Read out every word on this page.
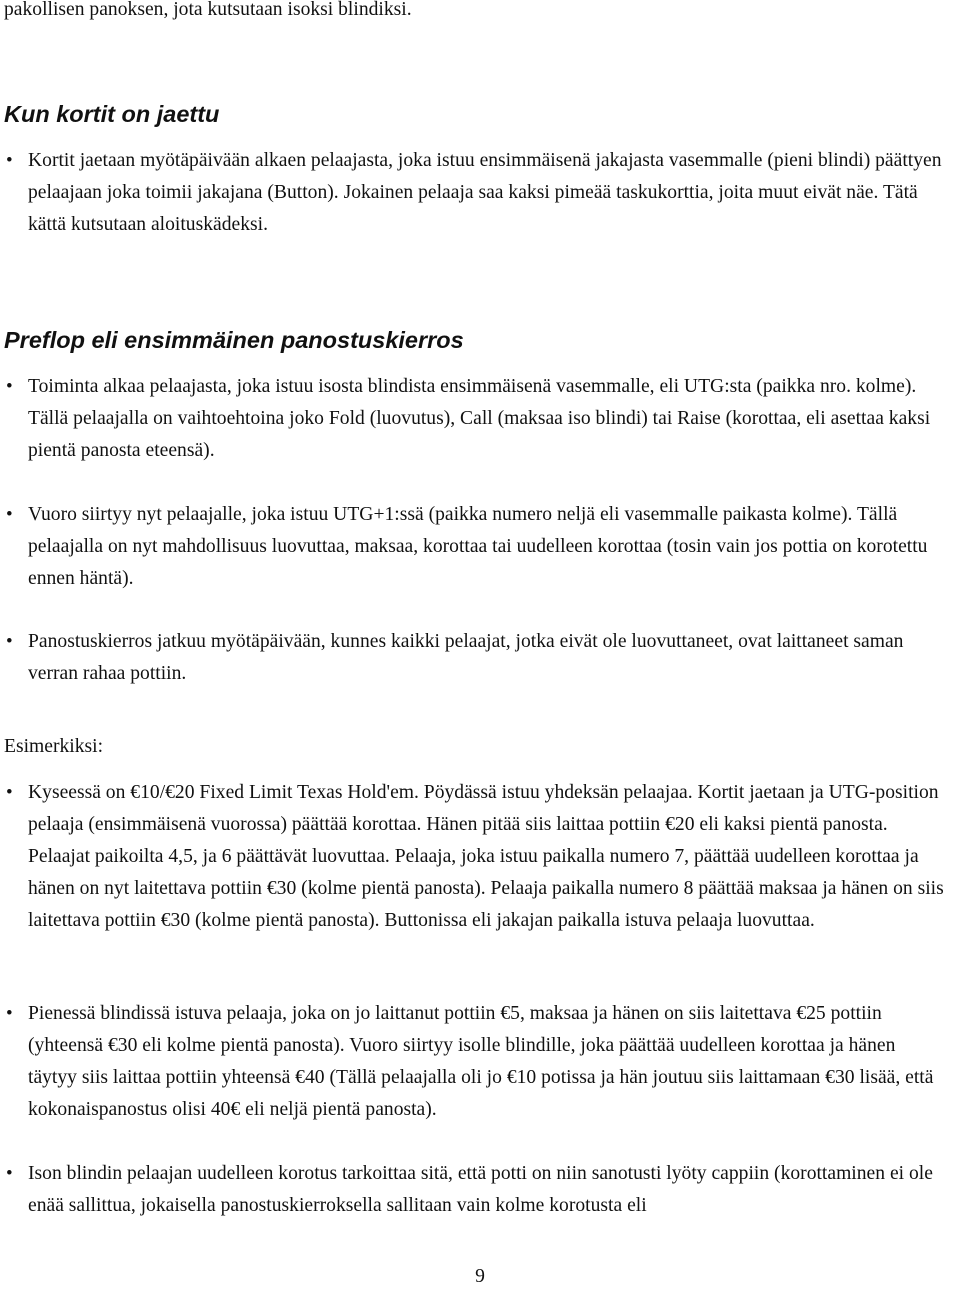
pakollisen panoksen, jota kutsutaan isoksi blindiksi.
Kun kortit on jaettu
• Kortit jaetaan myötäpäivään alkaen pelaajasta, joka istuu ensimmäisenä jakajasta vasemmalle (pieni blindi) päättyen pelaajaan joka toimii jakajana (Button). Jokainen pelaaja saa kaksi pimeää taskukorttia, joita muut eivät näe. Tätä kättä kutsutaan aloituskädeksi.
Preflop eli ensimmäinen panostuskierros
• Toiminta alkaa pelaajasta, joka istuu isosta blindista ensimmäisenä vasemmalle, eli UTG:sta (paikka nro. kolme). Tällä pelaajalla on vaihtoehtoina joko Fold (luovutus), Call (maksaa iso blindi) tai Raise (korottaa, eli asettaa kaksi pientä panosta eteensä).
• Vuoro siirtyy nyt pelaajalle, joka istuu UTG+1:ssä (paikka numero neljä eli vasemmalle paikasta kolme). Tällä pelaajalla on nyt mahdollisuus luovuttaa, maksaa, korottaa tai uudelleen korottaa (tosin vain jos pottia on korotettu ennen häntä).
• Panostuskierros jatkuu myötäpäivään, kunnes kaikki pelaajat, jotka eivät ole luovuttaneet, ovat laittaneet saman verran rahaa pottiin.
Esimerkiksi:
• Kyseessä on €10/€20 Fixed Limit Texas Hold'em. Pöydässä istuu yhdeksän pelaajaa. Kortit jaetaan ja UTG-position pelaaja (ensimmäisenä vuorossa) päättää korottaa. Hänen pitää siis laittaa pottiin €20 eli kaksi pientä panosta. Pelaajat paikoilta 4,5, ja 6 päättävät luovuttaa. Pelaaja, joka istuu paikalla numero 7, päättää uudelleen korottaa ja hänen on nyt laitettava pottiin €30 (kolme pientä panosta). Pelaaja paikalla numero 8 päättää maksaa ja hänen on siis laitettava pottiin €30 (kolme pientä panosta). Buttonissa eli jakajan paikalla istuva pelaaja luovuttaa.
• Pienessä blindissä istuva pelaaja, joka on jo laittanut pottiin €5, maksaa ja hänen on siis laitettava €25 pottiin (yhteensä €30 eli kolme pientä panosta). Vuoro siirtyy isolle blindille, joka päättää uudelleen korottaa ja hänen täytyy siis laittaa pottiin yhteensä €40 (Tällä pelaajalla oli jo €10 potissa ja hän joutuu siis laittamaan €30 lisää, että kokonaispanostus olisi 40€ eli neljä pientä panosta).
• Ison blindin pelaajan uudelleen korotus tarkoittaa sitä, että potti on niin sanotusti lyöty cappiin (korottaminen ei ole enää sallittua, jokaisella panostuskierroksella sallitaan vain kolme korotusta eli
9
